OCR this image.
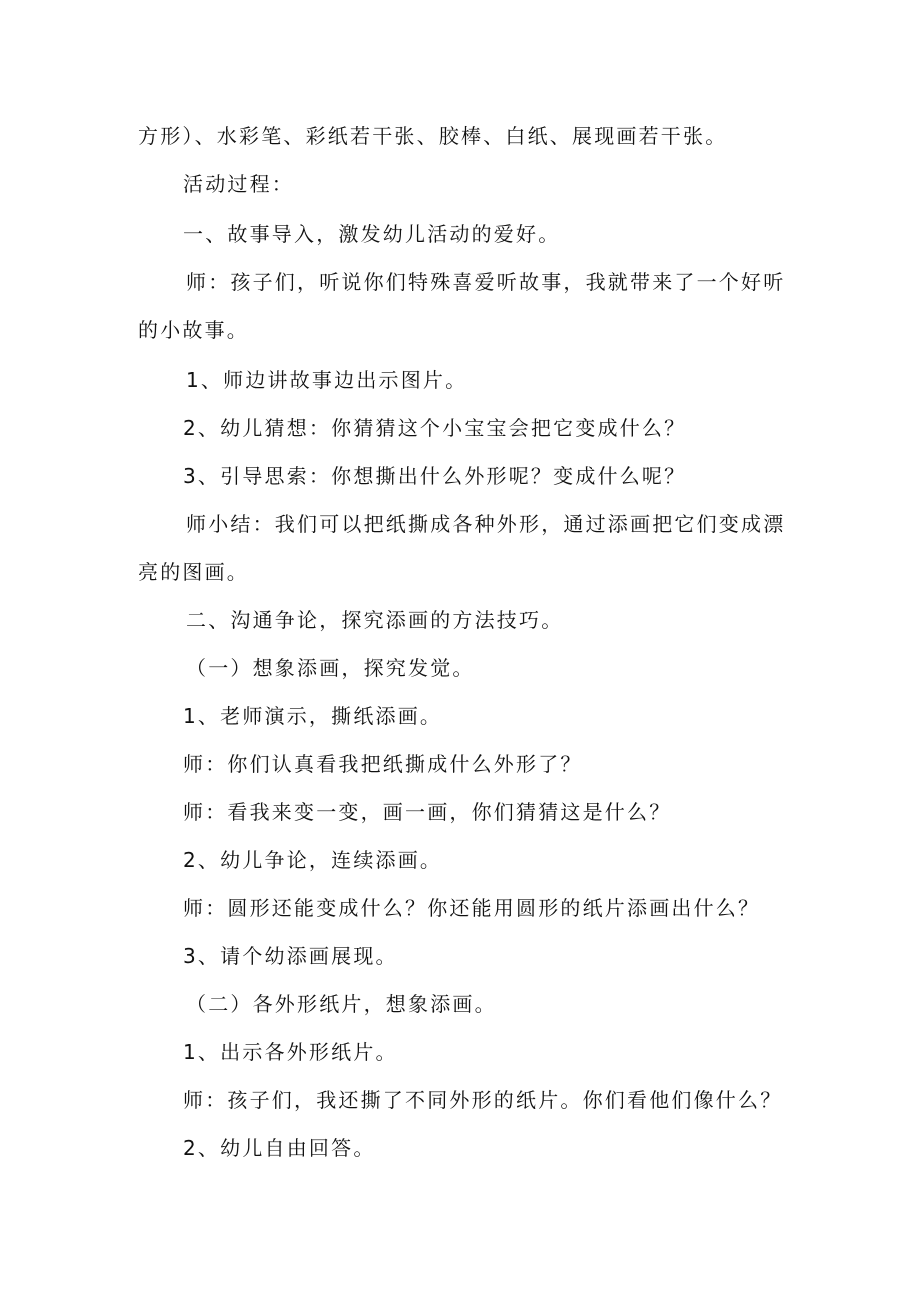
方形）、水彩笔、彩纸若干张、胶棒、白纸、展现画若干张。
活动过程：
一、故事导入，激发幼儿活动的爱好。
师：孩子们，听说你们特殊喜爱听故事，我就带来了一个好听
的小故事。
1、师边讲故事边出示图片。
2、幼儿猜想：你猜猜这个小宝宝会把它变成什么？
3、引导思索：你想撕出什么外形呢？变成什么呢？
师小结：我们可以把纸撕成各种外形，通过添画把它们变成漂
亮的图画。
二、沟通争论，探究添画的方法技巧。
（一）想象添画，探究发觉。
1、老师演示，撕纸添画。
师：你们认真看我把纸撕成什么外形了？
师：看我来变一变，画一画，你们猜猜这是什么？
2、幼儿争论，连续添画。
师：圆形还能变成什么？你还能用圆形的纸片添画出什么？
3、请个幼添画展现。
（二）各外形纸片，想象添画。
1、出示各外形纸片。
师：孩子们，我还撕了不同外形的纸片。你们看他们像什么？
2、幼儿自由回答。
